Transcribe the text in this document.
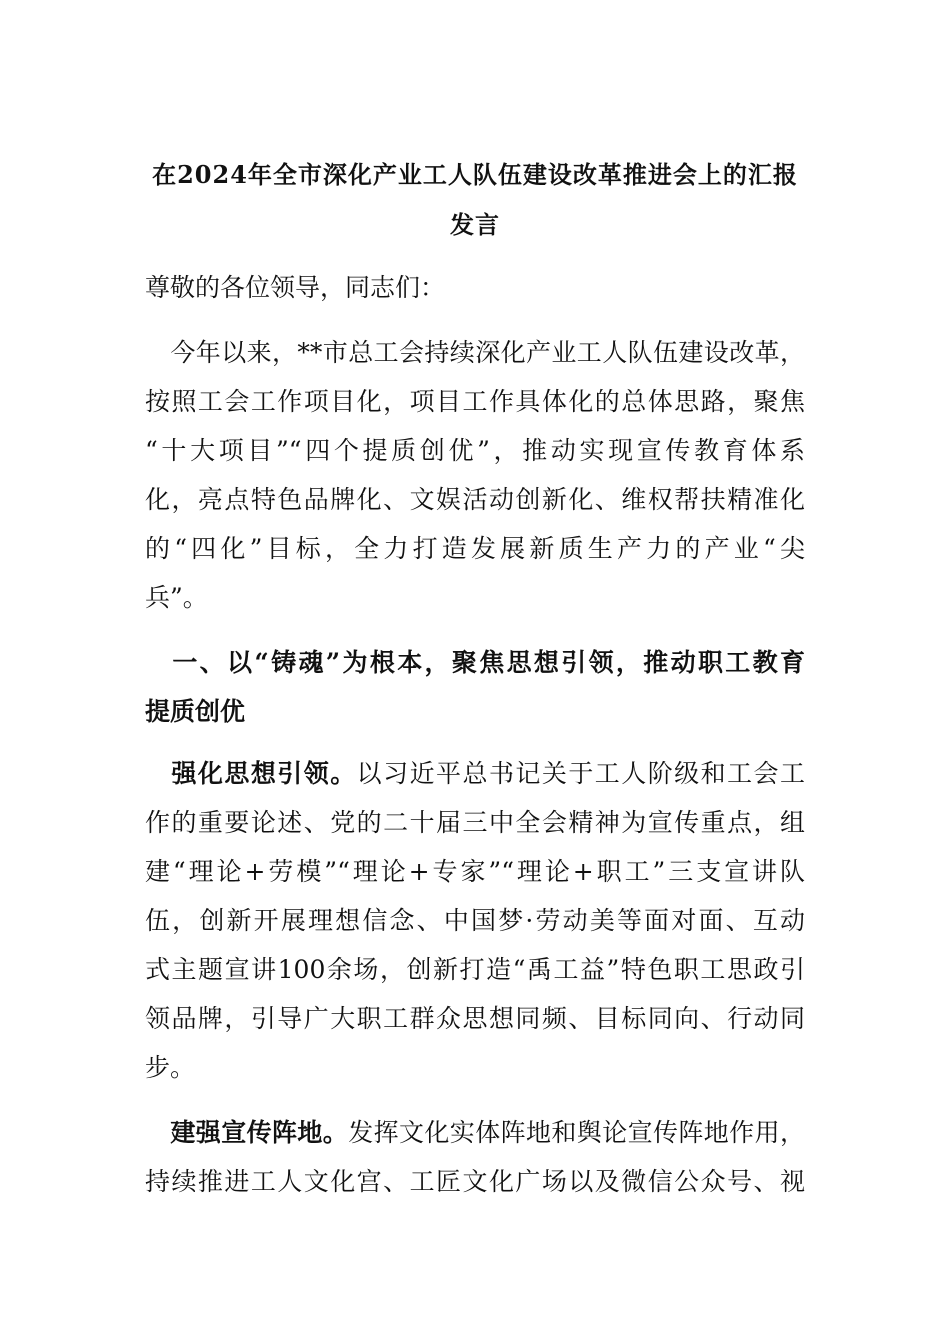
在2024年全市深化产业工人队伍建设改革推进会上的汇报
发言
尊敬的各位领导，同志们：
　今年以来，**市总工会持续深化产业工人队伍建设改革，
按照工会工作项目化，项目工作具体化的总体思路，聚焦
“十大项目”“四个提质创优”，推动实现宣传教育体系
化，亮点特色品牌化、文娱活动创新化、维权帮扶精准化
的“四化”目标，全力打造发展新质生产力的产业“尖
兵”。
　一、以“铸魂”为根本，聚焦思想引领，推动职工教育
提质创优
　强化思想引领。以习近平总书记关于工人阶级和工会工
作的重要论述、党的二十届三中全会精神为宣传重点，组
建“理论+劳模”“理论+专家”“理论+职工”三支宣讲队
伍，创新开展理想信念、中国梦·劳动美等面对面、互动
式主题宣讲100余场，创新打造“禹工益”特色职工思政引
领品牌，引导广大职工群众思想同频、目标同向、行动同
步。
　建强宣传阵地。发挥文化实体阵地和舆论宣传阵地作用，
持续推进工人文化宫、工匠文化广场以及微信公众号、视
